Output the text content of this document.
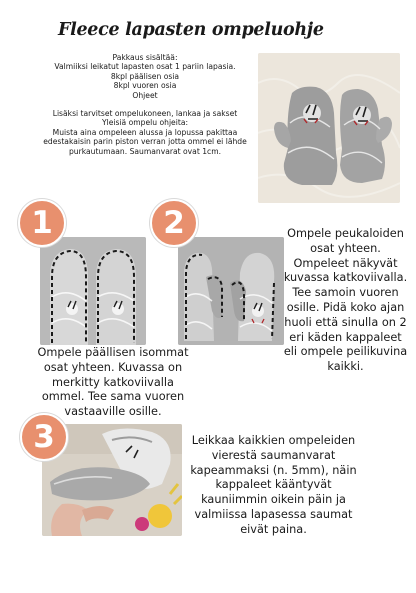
Fleece lapasten ompeluohje
Pakkaus sisältää:
Valmiiksi leikatut lapasten osat 1 pariin lapasia.
8kpl päälisen osia
8kpl vuoren osia
Ohjeet
Lisäksi tarvitset ompelukoneen, lankaa ja sakset
Yleisiä ompelu ohjeita:
Muista aina ompeleen alussa ja lopussa pakittaa
edestakaisin parin piston verran jotta ommel ei lähde
purkautumaan. Saumanvarat ovat 1cm.
1	2
3
Ompele peukaloiden osat yhteen. Ompeleet näkyvät kuvassa katkoviivalla. Tee samoin vuoren osille. Pidä koko ajan huoli että sinulla on 2 eri käden kappaleet eli ompele peilikuvina kaikki.
Ompele päällisen isommat osat yhteen. Kuvassa on merkitty katkoviivalla ommel. Tee sama vuoren vastaaville osille.
Leikkaa kaikkien ompeleiden vierestä saumanvarat kapeammaksi (n. 5mm), näin kappaleet kääntyvät kauniimmin oikein päin ja valmiissa lapasessa saumat eivät paina.
